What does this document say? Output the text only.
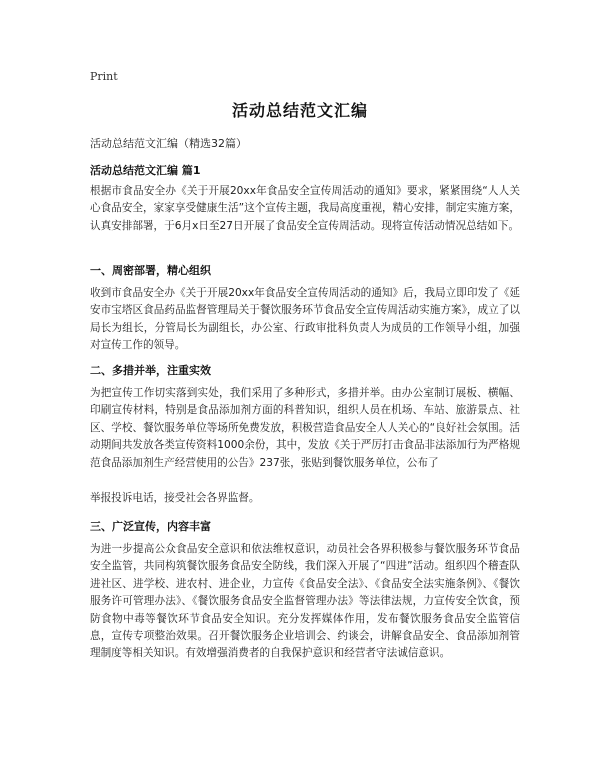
Print
活动总结范文汇编
活动总结范文汇编（精选32篇）
活动总结范文汇编 篇1
根据市食品安全办《关于开展20xx年食品安全宣传周活动的通知》要求，紧紧围绕“人人关心食品安全，家家享受健康生活”这个宣传主题，我局高度重视，精心安排，制定实施方案，认真安排部署，于6月x日至27日开展了食品安全宣传周活动。现将宣传活动情况总结如下。
一、周密部署，精心组织
收到市食品安全办《关于开展20xx年食品安全宣传周活动的通知》后，我局立即印发了《延安市宝塔区食品药品监督管理局关于餐饮服务环节食品安全宣传周活动实施方案》，成立了以局长为组长，分管局长为副组长，办公室、行政审批科负责人为成员的工作领导小组，加强对宣传工作的领导。
二、多措并举，注重实效
为把宣传工作切实落到实处，我们采用了多种形式，多措并举。由办公室制订展板、横幅、印刷宣传材料，特别是食品添加剂方面的科普知识，组织人员在机场、车站、旅游景点、社区、学校、餐饮服务单位等场所免费发放，积极营造食品安全人人关心的“良好社会氛围。活动期间共发放各类宣传资料1000余份，其中，发放《关于严厉打击食品非法添加行为严格规范食品添加剂生产经营使用的公告》237张，张贴到餐饮服务单位，公布了
举报投诉电话，接受社会各界监督。
三、广泛宣传，内容丰富
为进一步提高公众食品安全意识和依法维权意识，动员社会各界积极参与餐饮服务环节食品安全监管，共同构筑餐饮服务食品安全防线，我们深入开展了“四进”活动。组织四个稽查队进社区、进学校、进农村、进企业，力宣传《食品安全法》、《食品安全法实施条例》、《餐饮服务许可管理办法》、《餐饮服务食品安全监督管理办法》等法律法规，力宣传安全饮食，预防食物中毒等餐饮环节食品安全知识。充分发挥媒体作用，发布餐饮服务食品安全监管信息，宣传专项整治效果。召开餐饮服务企业培训会、约谈会，讲解食品安全、食品添加剂管理制度等相关知识。有效增强消费者的自我保护意识和经营者守法诚信意识。
